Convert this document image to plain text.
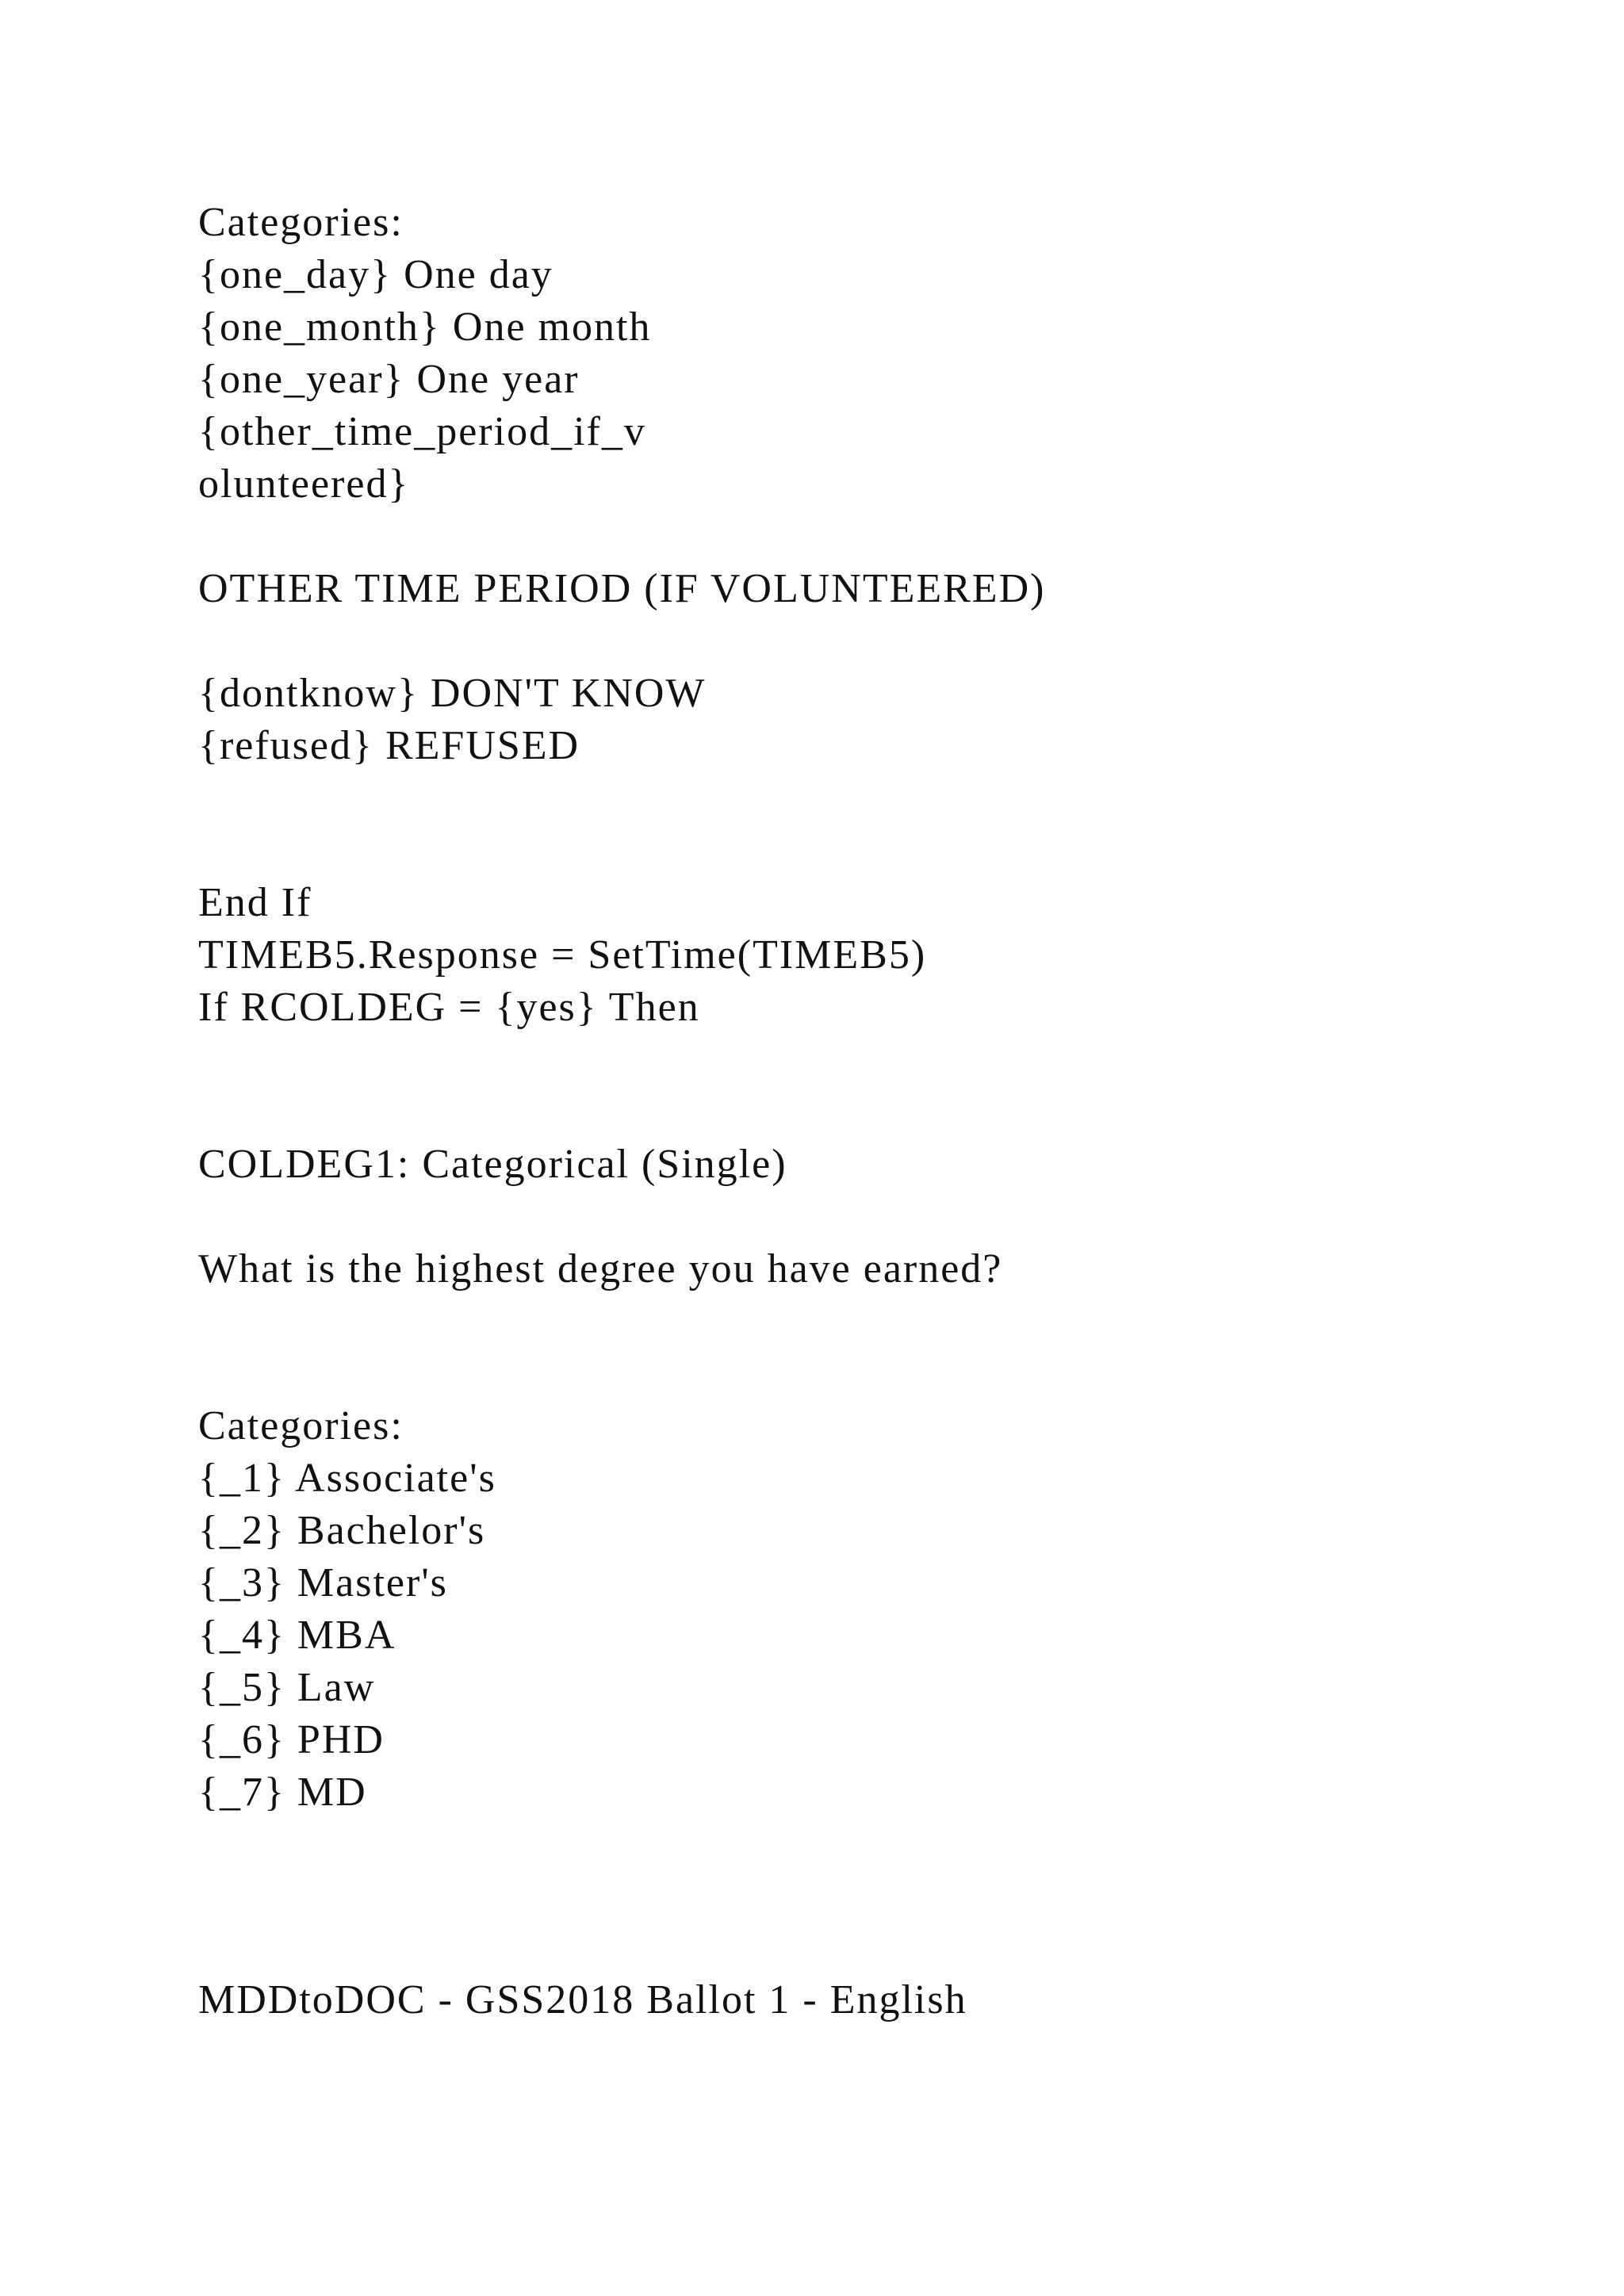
Categories:
{one_day} One day
{one_month} One month
{one_year} One year
{other_time_period_if_v
olunteered}
OTHER TIME PERIOD (IF VOLUNTEERED)
{dontknow} DON'T KNOW
{refused} REFUSED
End If
TIMEB5.Response = SetTime(TIMEB5)
If RCOLDEG = {yes} Then
COLDEG1: Categorical (Single)
What is the highest degree you have earned?
Categories:
{_1} Associate's
{_2} Bachelor's
{_3} Master's
{_4} MBA
{_5} Law
{_6} PHD
{_7} MD
MDDtoDOC - GSS2018 Ballot 1 - English
